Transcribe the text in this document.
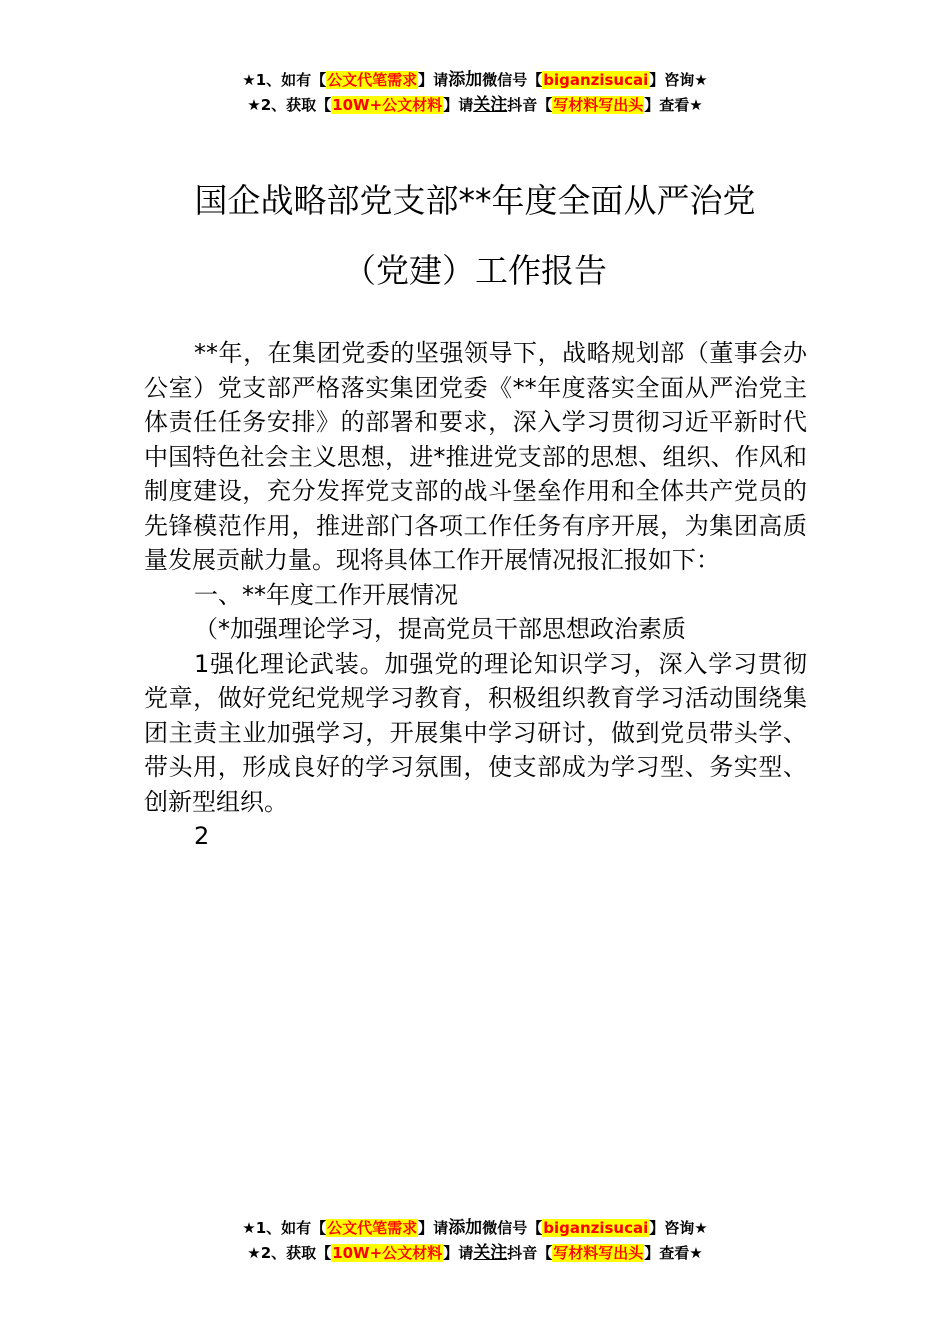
★1、如有【公文代笔需求】请添加微信号【biganzisucai】咨询★
★2、获取【10W+公文材料】请关注抖音【写材料写出头】查看★
国企战略部党支部**年度全面从严治党
（党建）工作报告

**年，在集团党委的坚强领导下，战略规划部（董事会办公室）党支部严格落实集团党委《**年度落实全面从严治党主体责任任务安排》的部署和要求，深入学习贯彻习近平新时代中国特色社会主义思想，进*推进党支部的思想、组织、作风和制度建设，充分发挥党支部的战斗堡垒作用和全体共产党员的先锋模范作用，推进部门各项工作任务有序开展，为集团高质量发展贡献力量。现将具体工作开展情况报汇报如下：

一、**年度工作开展情况

（*加强理论学习，提高党员干部思想政治素质

1强化理论武装。加强党的理论知识学习，深入学习贯彻党章，做好党纪党规学习教育，积极组织教育学习活动围绕集团主责主业加强学习，开展集中学习研讨，做到党员带头学、带头用，形成良好的学习氛围，使支部成为学习型、务实型、创新型组织。

2

★1、如有【公文代笔需求】请添加微信号【biganzisucai】咨询★
★2、获取【10W+公文材料】请关注抖音【写材料写出头】查看★
